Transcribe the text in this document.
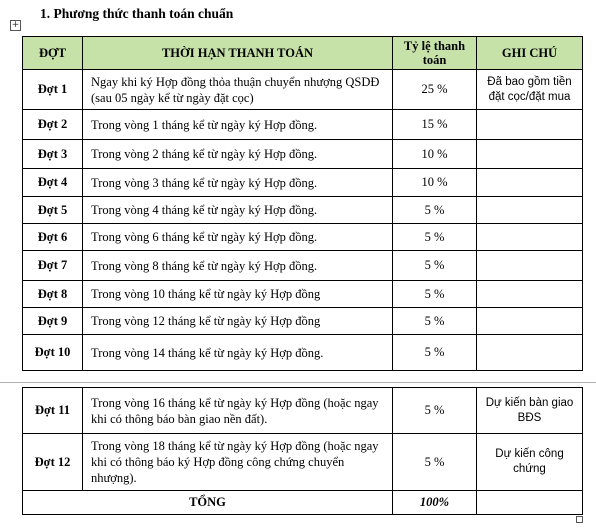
1. Phương thức thanh toán chuẩn
+
ĐỢT	THỜI HẠN THANH TOÁN	Tỷ lệ thanh toán	GHI CHÚ
Đợt 1	Ngay khi ký Hợp đồng thỏa thuận chuyển nhượng QSDĐ (sau 05 ngày kể từ ngày đặt cọc)	25 %	Đã bao gồm tiền đặt cọc/đặt mua
Đợt 2	Trong vòng 1 tháng kể từ ngày ký Hợp đồng.	15 %	
Đợt 3	Trong vòng 2 tháng kể từ ngày ký Hợp đồng.	10 %	
Đợt 4	Trong vòng 3 tháng kể từ ngày ký Hợp đồng.	10 %	
Đợt 5	Trong vòng 4 tháng kể từ ngày ký Hợp đồng.	5 %	
Đợt 6	Trong vòng 6 tháng kể từ ngày ký Hợp đồng.	5 %	
Đợt 7	Trong vòng 8 tháng kể từ ngày ký Hợp đồng.	5 %	
Đợt 8	Trong vòng 10 tháng kể từ ngày ký Hợp đồng	5 %	
Đợt 9	Trong vòng 12 tháng kể từ ngày ký Hợp đồng	5 %	
Đợt 10	Trong vòng 14 tháng kể từ ngày ký Hợp đồng.	5 %	
Đợt 11	Trong vòng 16 tháng kể từ ngày ký Hợp đồng (hoặc ngay khi có thông báo bàn giao nền đất).	5 %	Dự kiến bàn giao BĐS
Đợt 12	Trong vòng 18 tháng kể từ ngày ký Hợp đồng (hoặc ngay khi có thông báo ký Hợp đồng công chứng chuyển nhượng).	5 %	Dự kiến công chứng
TỔNG		100%	
